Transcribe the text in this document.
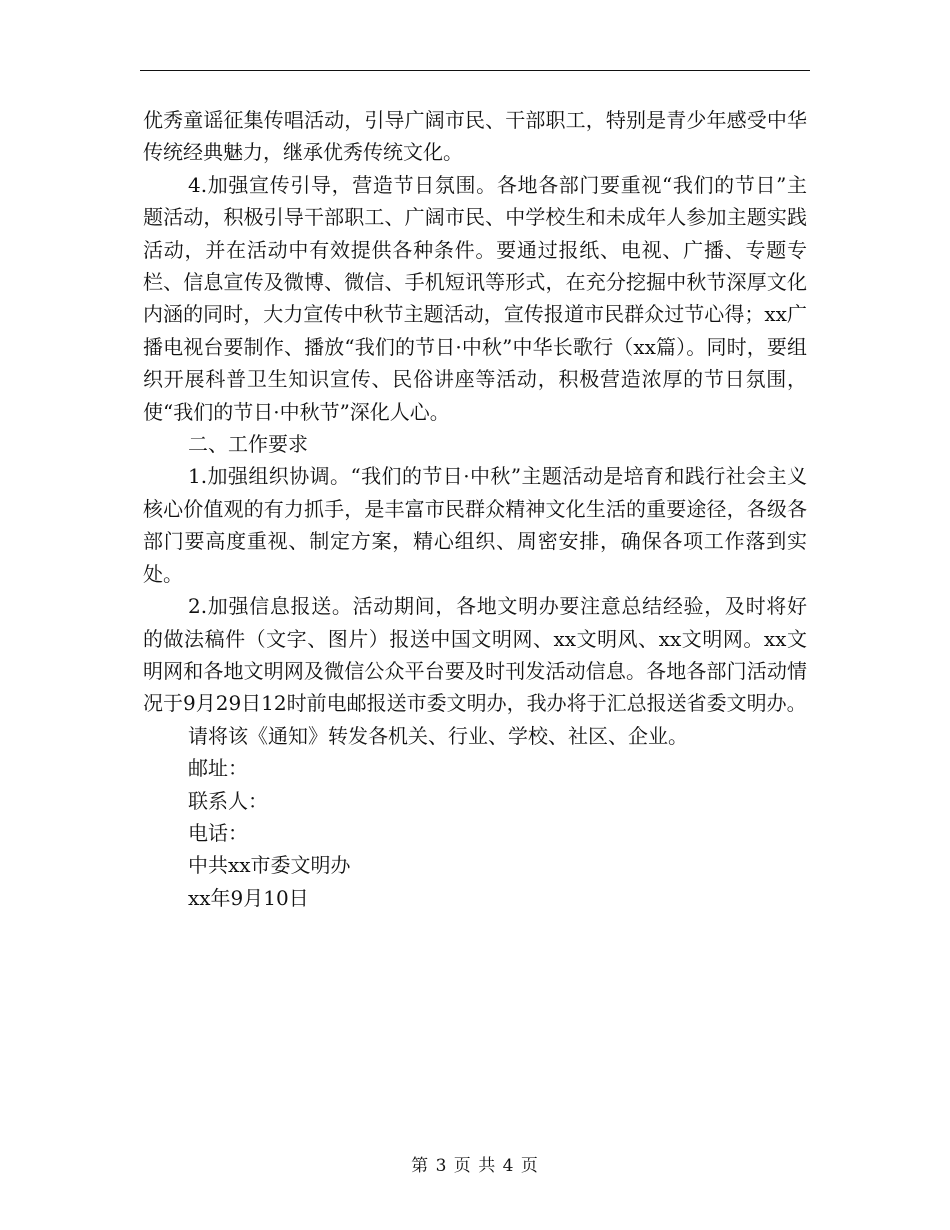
优秀童谣征集传唱活动，引导广阔市民、干部职工，特别是青少年感受中华传统经典魅力，继承优秀传统文化。

4.加强宣传引导，营造节日氛围。各地各部门要重视“我们的节日”主题活动，积极引导干部职工、广阔市民、中学校生和未成年人参加主题实践活动，并在活动中有效提供各种条件。要通过报纸、电视、广播、专题专栏、信息宣传及微博、微信、手机短讯等形式，在充分挖掘中秋节深厚文化内涵的同时，大力宣传中秋节主题活动，宣传报道市民群众过节心得；xx广播电视台要制作、播放“我们的节日·中秋”中华长歌行（xx篇）。同时，要组织开展科普卫生知识宣传、民俗讲座等活动，积极营造浓厚的节日氛围，使“我们的节日·中秋节”深化人心。

二、工作要求

1.加强组织协调。“我们的节日·中秋”主题活动是培育和践行社会主义核心价值观的有力抓手，是丰富市民群众精神文化生活的重要途径，各级各部门要高度重视、制定方案，精心组织、周密安排，确保各项工作落到实处。

2.加强信息报送。活动期间，各地文明办要注意总结经验，及时将好的做法稿件（文字、图片）报送中国文明网、xx文明风、xx文明网。xx文明网和各地文明网及微信公众平台要及时刊发活动信息。各地各部门活动情况于9月29日12时前电邮报送市委文明办，我办将于汇总报送省委文明办。

请将该《通知》转发各机关、行业、学校、社区、企业。

邮址：

联系人：

电话：

中共xx市委文明办

xx年9月10日

第 3 页 共 4 页
